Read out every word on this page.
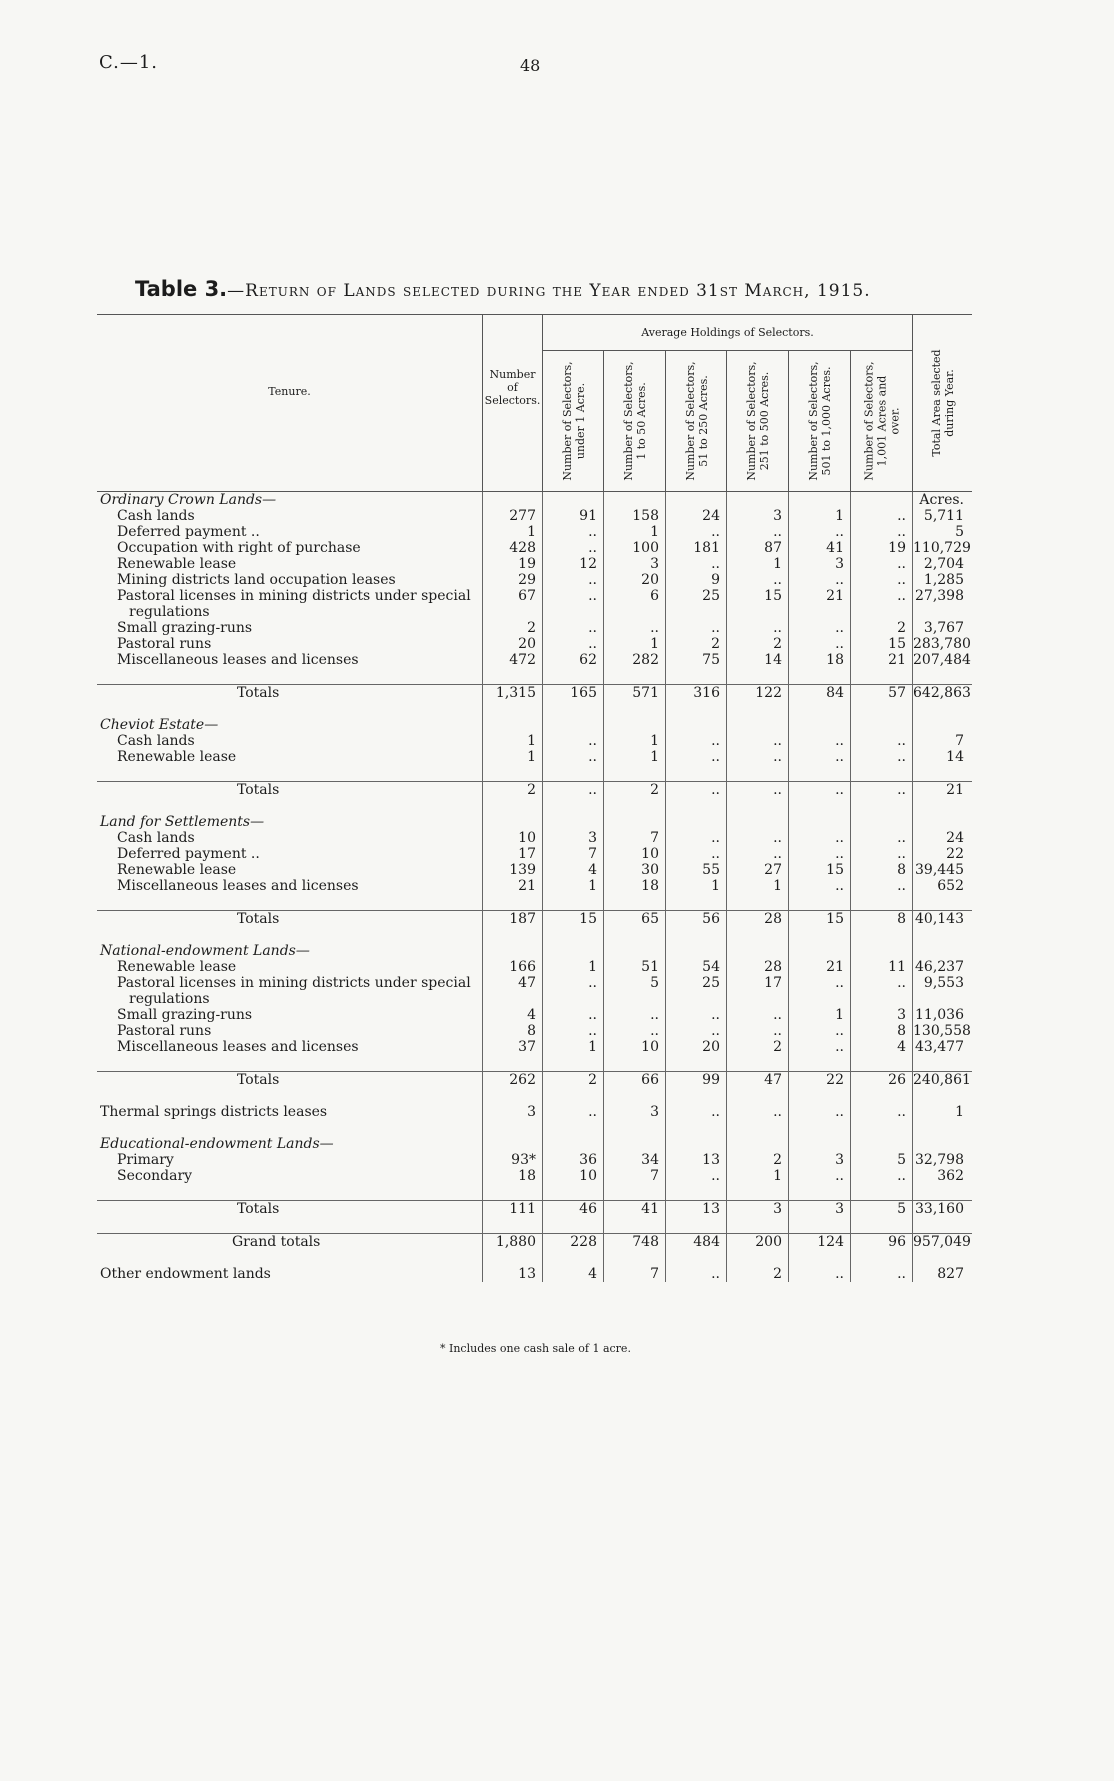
C.—1.	48
Table 3.—Return of Lands selected during the Year ended 31st March, 1915.
Tenure.
Number of Selectors.
Average Holdings of Selectors.
Number of Selectors, under 1 Acre.	Number of Selectors, 1 to 50 Acres.	Number of Selectors, 51 to 250 Acres.	Number of Selectors, 251 to 500 Acres.	Number of Selectors, 501 to 1,000 Acres.	Number of Selectors, 1,001 Acres and over.	Total Area selected during Year.
Ordinary Crown Lands—	Acres.
Cash lands	277	91	158	24	3	1	..	5,711
Deferred payment ..	1	..	1	..	..	..	..	5
Occupation with right of purchase	428	..	100	181	87	41	19 110,729
Renewable lease	19	12	3	..	1	3	..	2,704
Mining districts land occupation leases	29	..	20	9	..	..	..	1,285
Pastoral licenses in mining districts under special	67	..	6	25	15	21	.. 27,398
regulations
Small grazing-runs	2	..	..	..	..	..	2	3,767
Pastoral runs	20	..	1	2	2	..	15 283,780
Miscellaneous leases and licenses	472	62	282	75	14	18	21 207,484
Totals	1,315	165	571	316	122	84	57 642,863
Cheviot Estate—
Cash lands	1	..	1	..	..	..	..	7
Renewable lease	1	..	1	..	..	..	..	14
Totals	2	..	2	..	..	..	..	21
Land for Settlements—
Cash lands	10	3	7	..	..	..	..	24
Deferred payment ..	17	7	10	..	..	..	..	22
Renewable lease	139	4	30	55	27	15	8 39,445
Miscellaneous leases and licenses	21	1	18	1	1	..	..	652
Totals	187	15	65	56	28	15	8 40,143
National-endowment Lands—
Renewable lease	166	1	51	54	28	21	11 46,237
Pastoral licenses in mining districts under special	47	..	5	25	17	..	..	9,553
regulations
Small grazing-runs	4	..	..	..	..	1	3 11,036
Pastoral runs	8	..	..	..	..	..	8 130,558
Miscellaneous leases and licenses	37	1	10	20	2	..	4 43,477
Totals	262	2	66	99	47	22	26 240,861
Thermal springs districts leases	3	..	3	..	..	..	..	1
Educational-endowment Lands—
Primary	93*	36	34	13	2	3	5 32,798
Secondary	18	10	7	..	1	..	..	362
Totals	111	46	41	13	3	3	5 33,160
Grand totals	1,880	228	748	484	200	124	96 957,049
Other endowment lands	13	4	7	..	2	..	..	827
* Includes one cash sale of 1 acre.
